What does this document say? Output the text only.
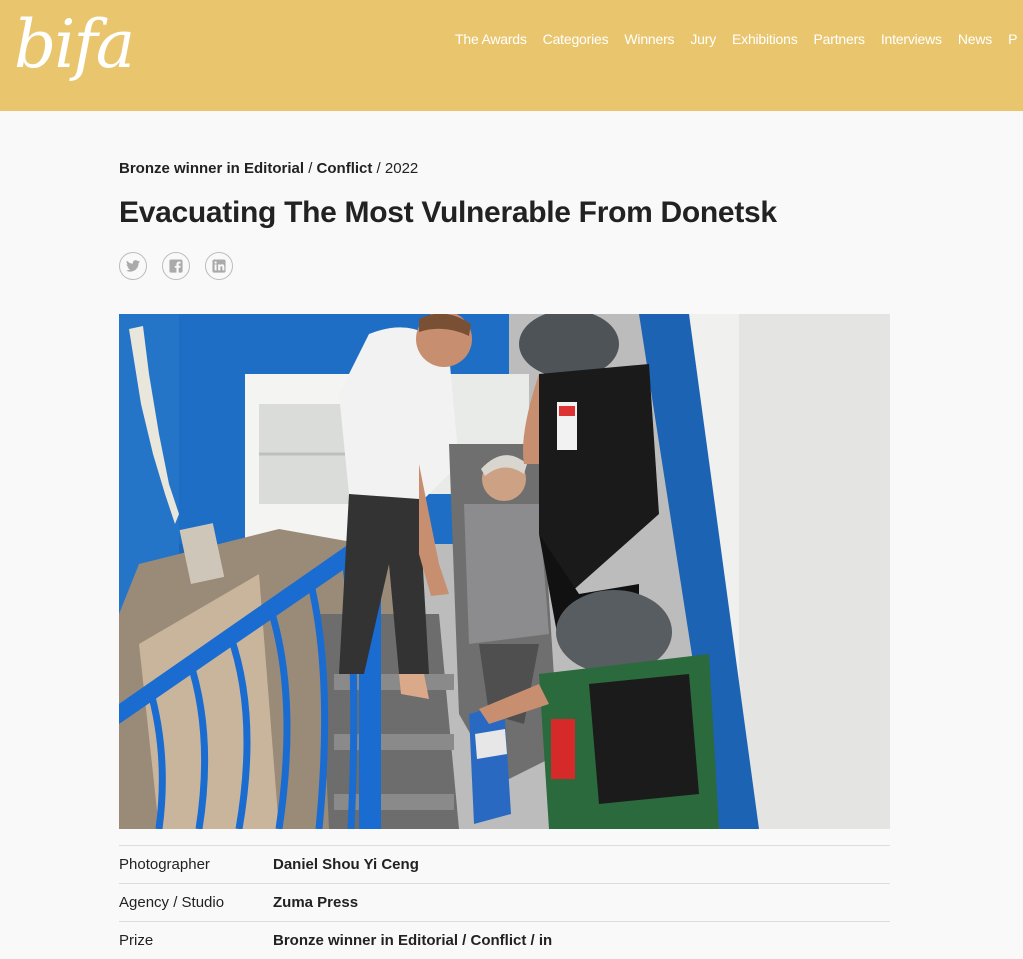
bifa	The Awards Categories Winners Jury Exhibitions Partners Interviews News P
Bronze winner in Editorial / Conflict / 2022
Evacuating The Most Vulnerable From Donetsk
Photographer	Daniel Shou Yi Ceng
Agency / Studio	Zuma Press
Prize	Bronze winner in Editorial / Conflict / in
